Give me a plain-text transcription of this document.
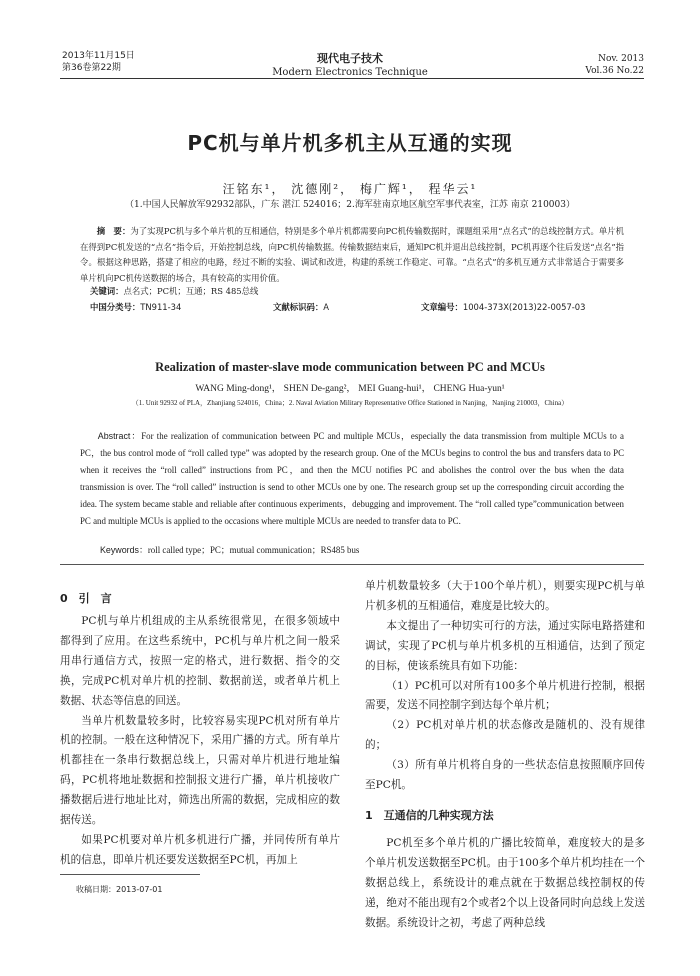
2013年11月15日
第36卷第22期
现代电子技术
Modern Electronics Technique
Nov. 2013
Vol.36 No.22
PC机与单片机多机主从互通的实现
汪铭东¹， 沈德刚²， 梅广辉¹， 程华云¹
（1.中国人民解放军92932部队，广东 湛江 524016；2.海军驻南京地区航空军事代表室，江苏 南京 210003）
摘　要：为了实现PC机与多个单片机的互相通信，特别是多个单片机都需要向PC机传输数据时，课题组采用“点名式”的总线控制方式。单片机在得到PC机发送的“点名”指令后，开始控制总线，向PC机传输数据。传输数据结束后，通知PC机并退出总线控制，PC机再逐个往后发送“点名”指令。根据这种思路，搭建了相应的电路，经过不断的实验、调试和改进，构建的系统工作稳定、可靠。“点名式”的多机互通方式非常适合于需要多单片机向PC机传送数据的场合，具有较高的实用价值。
关键词：点名式；PC机；互通；RS 485总线
中国分类号：TN911-34	文献标识码：A	文章编号：1004-373X(2013)22-0057-03
Realization of master-slave mode communication between PC and MCUs
WANG Ming-dong¹， SHEN De-gang²， MEI Guang-hui¹， CHENG Hua-yun¹
（1. Unit 92932 of PLA，Zhanjiang 524016，China；2. Naval Aviation Military Representative Office Stationed in Nanjing，Nanjing 210003，China）
Abstract：For the realization of communication between PC and multiple MCUs，especially the data transmission from multiple MCUs to a PC，the bus control mode of “roll called type” was adopted by the research group. One of the MCUs begins to control the bus and transfers data to PC when it receives the “roll called” instructions from PC，and then the MCU notifies PC and abolishes the control over the bus when the data transmission is over. The “roll called” instruction is send to other MCUs one by one. The research group set up the corresponding circuit according the idea. The system became stable and reliable after continuous experiments，debugging and improvement. The “roll called type”communication between PC and multiple MCUs is applied to the occasions where multiple MCUs are needed to transfer data to PC.
Keywords：roll called type；PC；mutual communication；RS485 bus
0　引　言

PC机与单片机组成的主从系统很常见，在很多领域中都得到了应用。在这些系统中，PC机与单片机之间一般采用串行通信方式，按照一定的格式，进行数据、指令的交换，完成PC机对单片机的控制、数据前送，或者单片机上数据、状态等信息的回送。

当单片机数量较多时，比较容易实现PC机对所有单片机的控制。一般在这种情况下，采用广播的方式。所有单片机都挂在一条串行数据总线上，只需对单片机进行地址编码，PC机将地址数据和控制报文进行广播，单片机接收广播数据后进行地址比对，筛选出所需的数据，完成相应的数据传送。

如果PC机要对单片机多机进行广播，并同传所有单片机的信息，即单片机还要发送数据至PC机，再加上

单片机数量较多（大于100个单片机），则要实现PC机与单片机多机的互相通信，难度是比较大的。

本文提出了一种切实可行的方法，通过实际电路搭建和调试，实现了PC机与单片机多机的互相通信，达到了预定的目标，使该系统具有如下功能：

（1）PC机可以对所有100多个单片机进行控制，根据需要，发送不同控制字到达每个单片机；

（2）PC机对单片机的状态修改是随机的、没有规律的；

（3）所有单片机将自身的一些状态信息按照顺序回传至PC机。

1　互通信的几种实现方法

PC机至多个单片机的广播比较简单，难度较大的是多个单片机发送数据至PC机。由于100多个单片机均挂在一个数据总线上，系统设计的难点就在于数据总线控制权的传递，绝对不能出现有2个或者2个以上设备同时向总线上发送数据。系统设计之初，考虑了两种总线

收稿日期：2013-07-01
